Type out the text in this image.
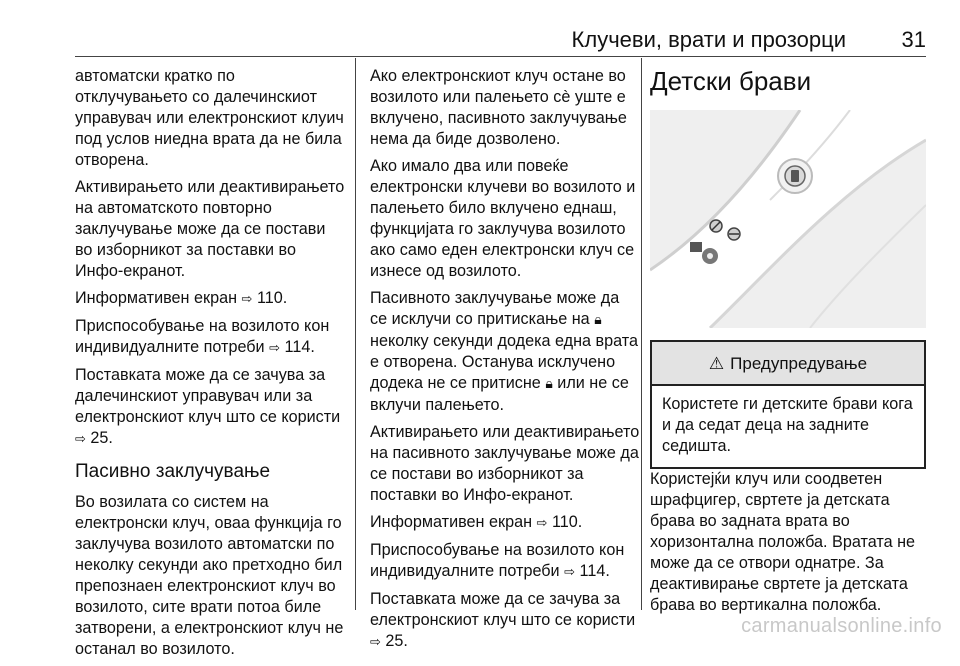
Клучеви, врати и прозорци	31

автоматски кратко по отклучувањето со далечинскиот управувач или електронскиот клуич под услов ниедна врата да не била отворена.

Активирањето или деактивирањето на автоматското повторно заклучување може да се постави во изборникот за поставки во Инфо-екранот.

Информативен екран ⇨ 110.

Приспособување на возилото кон индивидуалните потреби ⇨ 114.

Поставката може да се зачува за далечинскиот управувач или за електронскиот клуч што се користи ⇨ 25.

Пасивно заклучување

Во возилата со систем на електронски клуч, оваа функција го заклучува возилото автоматски по неколку секунди ако претходно бил препознаен електронскиот клуч во возилото, сите врати потоа биле затворени, а електронскиот клуч не останал во возилото.

Ако електронскиот клуч остане во возилото или палењето сè уште е вклучено, пасивното заклучување нема да биде дозволено.

Ако имало два или повеќе електронски клучеви во возилото и палењето било вклучено еднаш, функцијата го заклучува возилото ако само еден електронски клуч се изнесе од возилото.

Пасивното заклучување може да се исклучи со притискање на 🔒︎ неколку секунди додека една врата е отворена. Останува исклучено додека не се притисне 🔒︎ или не се вклучи палењето.

Активирањето или деактивирањето на пасивното заклучување може да се постави во изборникот за поставки во Инфо-екранот.

Информативен екран ⇨ 110.

Приспособување на возилото кон индивидуалните потреби ⇨ 114.

Поставката може да се зачува за електронскиот клуч што се користи ⇨ 25.

Детски брави
⚠ Предупредување
Користете ги детските брави кога и да седат деца на задните седишта.

Користејќи клуч или соодветен шрафцигер, свртете ја детската брава во задната врата во хоризонтална положба. Вратата не може да се отвори однатре. За деактивирање свртете ја детската брава во вертикална положба.

carmanualsonline.info
